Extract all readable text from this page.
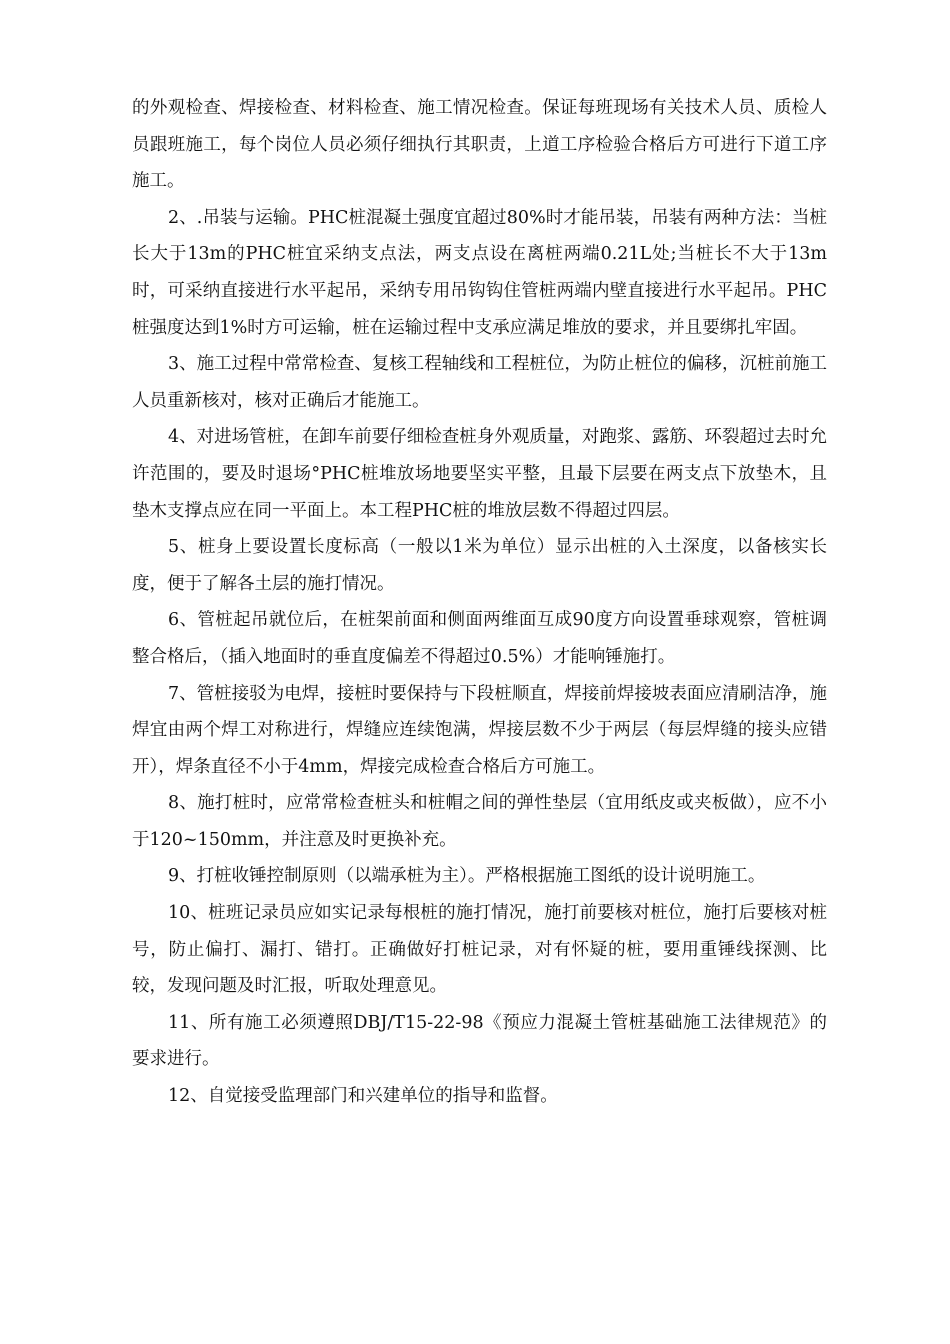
的外观检查、焊接检查、材料检查、施工情况检查。保证每班现场有关技术人员、质检人员跟班施工，每个岗位人员必须仔细执行其职责，上道工序检验合格后方可进行下道工序施工。

2、.吊装与运输。PHC桩混凝土强度宜超过80%时才能吊装，吊装有两种方法：当桩长大于13m的PHC桩宜采纳支点法，两支点设在离桩两端0.21L处;当桩长不大于13m时，可采纳直接进行水平起吊，采纳专用吊钩钩住管桩两端内壁直接进行水平起吊。PHC桩强度达到1%时方可运输，桩在运输过程中支承应满足堆放的要求，并且要绑扎牢固。

3、施工过程中常常检查、复核工程轴线和工程桩位，为防止桩位的偏移，沉桩前施工人员重新核对，核对正确后才能施工。

4、对进场管桩，在卸车前要仔细检查桩身外观质量，对跑浆、露筋、环裂超过去时允许范围的，要及时退场°PHC桩堆放场地要坚实平整，且最下层要在两支点下放垫木，且垫木支撑点应在同一平面上。本工程PHC桩的堆放层数不得超过四层。

5、桩身上要设置长度标高（一般以1米为单位）显示出桩的入土深度，以备核实长度，便于了解各土层的施打情况。

6、管桩起吊就位后，在桩架前面和侧面两维面互成90度方向设置垂球观察，管桩调整合格后，（插入地面时的垂直度偏差不得超过0.5%）才能响锤施打。

7、管桩接驳为电焊，接桩时要保持与下段桩顺直，焊接前焊接坡表面应清刷洁净，施焊宜由两个焊工对称进行，焊缝应连续饱满，焊接层数不少于两层（每层焊缝的接头应错开），焊条直径不小于4mm，焊接完成检查合格后方可施工。

8、施打桩时，应常常检查桩头和桩帽之间的弹性垫层（宜用纸皮或夹板做），应不小于120~150mm，并注意及时更换补充。

9、打桩收锤控制原则（以端承桩为主）。严格根据施工图纸的设计说明施工。

10、桩班记录员应如实记录每根桩的施打情况，施打前要核对桩位，施打后要核对桩号，防止偏打、漏打、错打。正确做好打桩记录，对有怀疑的桩，要用重锤线探测、比较，发现问题及时汇报，听取处理意见。

11、所有施工必须遵照DBJ/T15-22-98《预应力混凝土管桩基础施工法律规范》的要求进行。

12、自觉接受监理部门和兴建单位的指导和监督。
